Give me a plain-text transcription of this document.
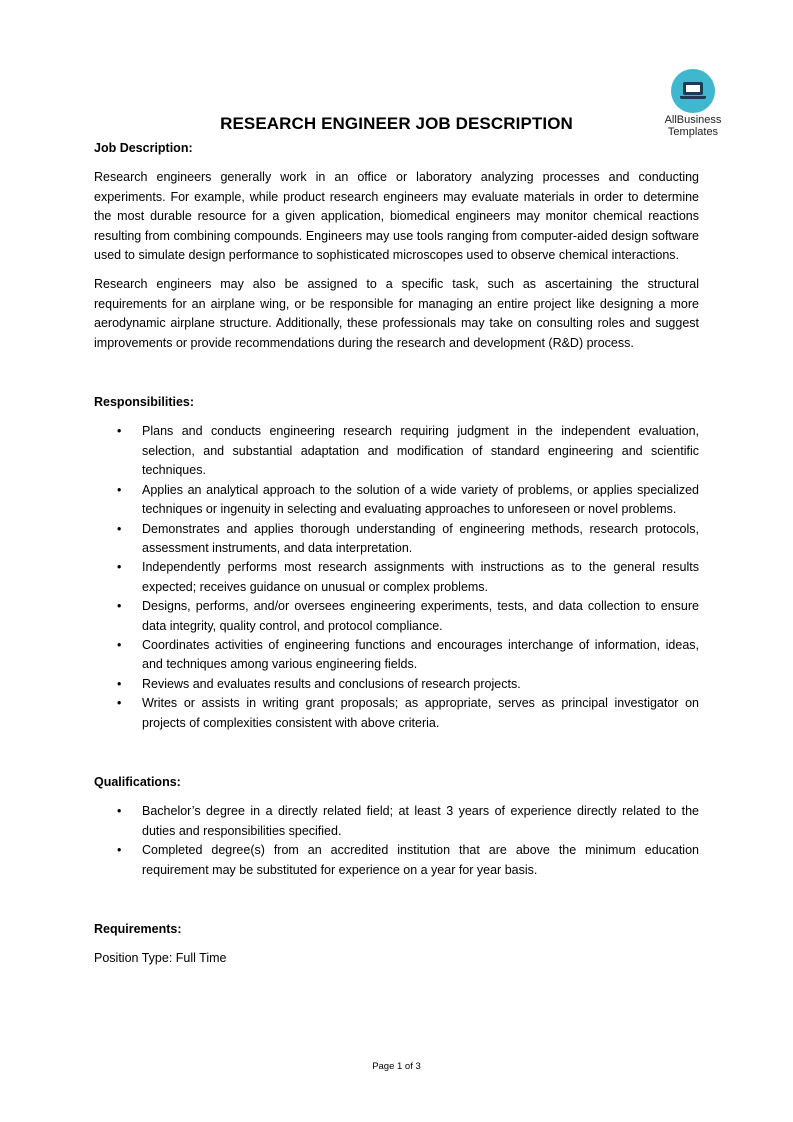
AllBusiness
Templates
RESEARCH ENGINEER JOB DESCRIPTION

Job Description:

Research engineers generally work in an office or laboratory analyzing processes and conducting experiments. For example, while product research engineers may evaluate materials in order to determine the most durable resource for a given application, biomedical engineers may monitor chemical reactions resulting from combining compounds. Engineers may use tools ranging from computer-aided design software used to simulate design performance to sophisticated microscopes used to observe chemical interactions.

Research engineers may also be assigned to a specific task, such as ascertaining the structural requirements for an airplane wing, or be responsible for managing an entire project like designing a more aerodynamic airplane structure. Additionally, these professionals may take on consulting roles and suggest improvements or provide recommendations during the research and development (R&D) process.

Responsibilities:

• Plans and conducts engineering research requiring judgment in the independent evaluation, selection, and substantial adaptation and modification of standard engineering and scientific techniques.
• Applies an analytical approach to the solution of a wide variety of problems, or applies specialized techniques or ingenuity in selecting and evaluating approaches to unforeseen or novel problems.
• Demonstrates and applies thorough understanding of engineering methods, research protocols, assessment instruments, and data interpretation.
• Independently performs most research assignments with instructions as to the general results expected; receives guidance on unusual or complex problems.
• Designs, performs, and/or oversees engineering experiments, tests, and data collection to ensure data integrity, quality control, and protocol compliance.
• Coordinates activities of engineering functions and encourages interchange of information, ideas, and techniques among various engineering fields.
• Reviews and evaluates results and conclusions of research projects.
• Writes or assists in writing grant proposals; as appropriate, serves as principal investigator on projects of complexities consistent with above criteria.

Qualifications:

• Bachelor’s degree in a directly related field; at least 3 years of experience directly related to the duties and responsibilities specified.
• Completed degree(s) from an accredited institution that are above the minimum education requirement may be substituted for experience on a year for year basis.

Requirements:

Position Type: Full Time

Page 1 of 3
